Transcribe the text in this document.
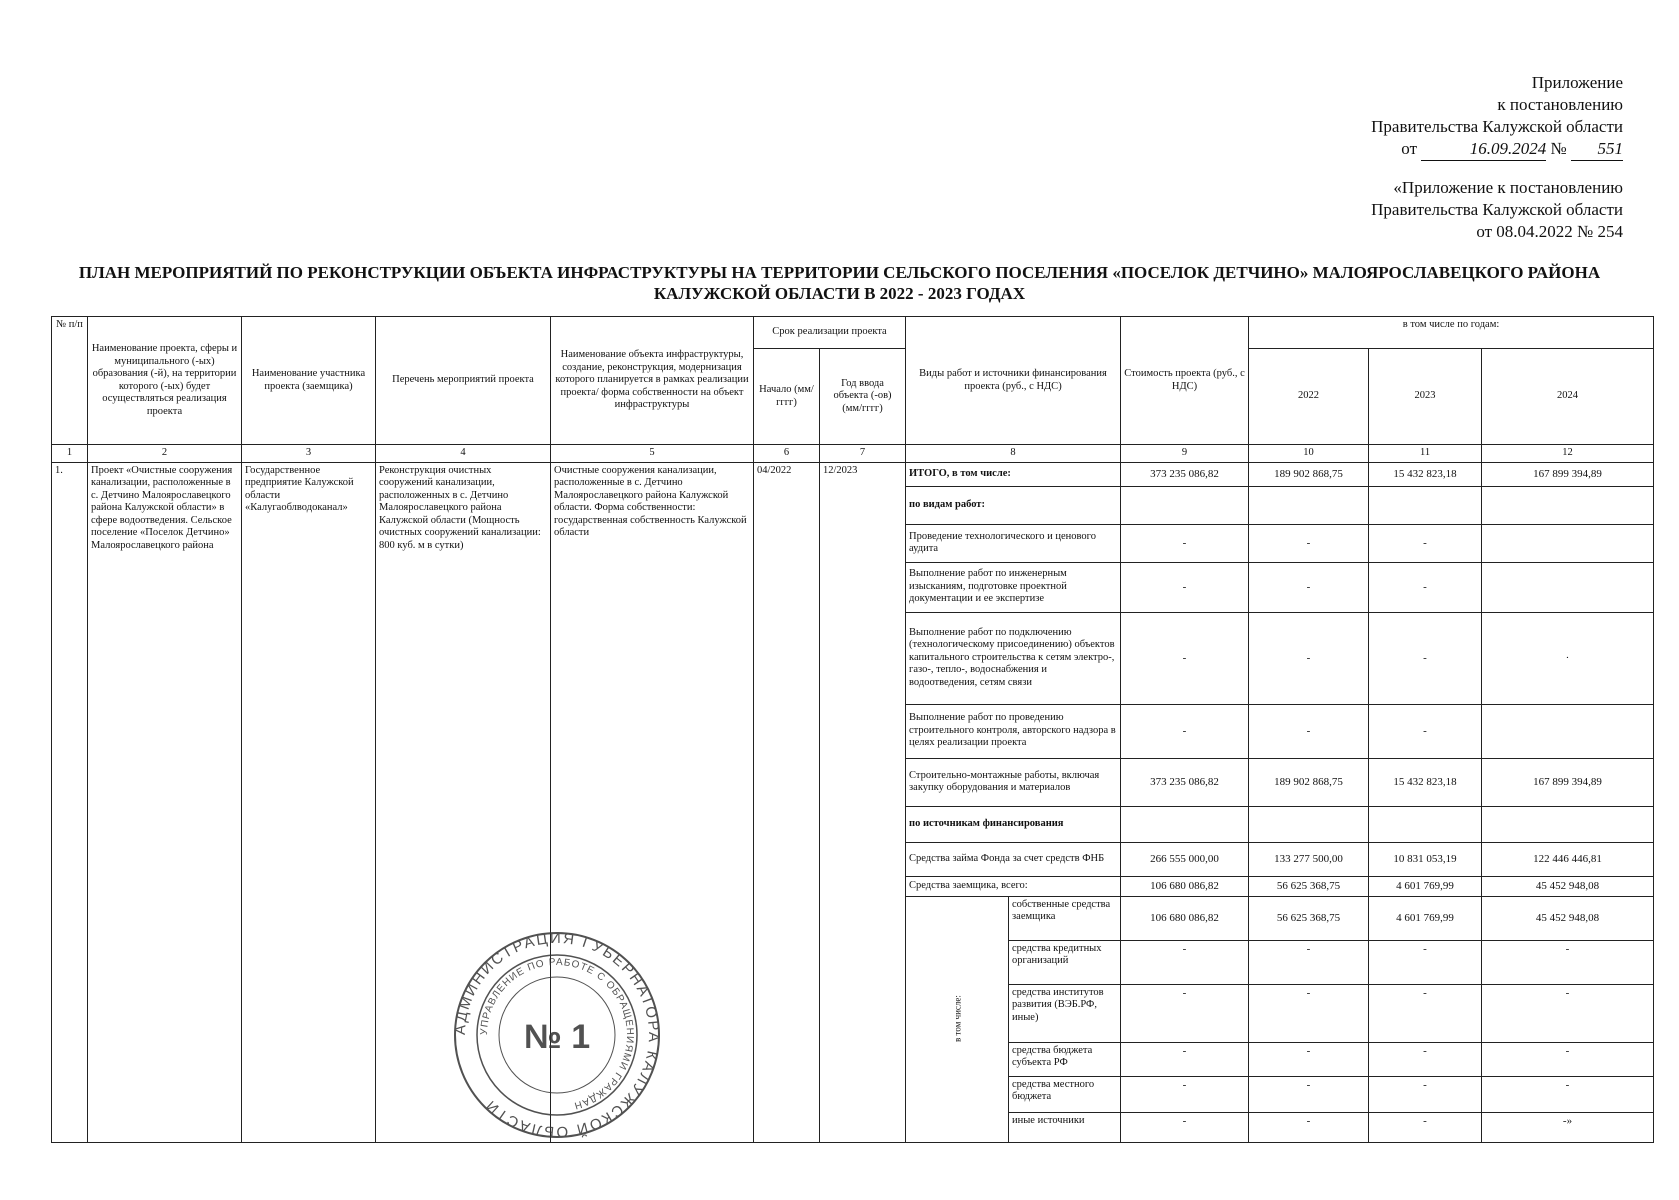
Приложение
к постановлению
Правительства Калужской области
от	16.09.2024 № 551
«Приложение к постановлению
Правительства Калужской области
от 08.04.2022 № 254
ПЛАН МЕРОПРИЯТИЙ ПО РЕКОНСТРУКЦИИ ОБЪЕКТА ИНФРАСТРУКТУРЫ НА ТЕРРИТОРИИ СЕЛЬСКОГО ПОСЕЛЕНИЯ «ПОСЕЛОК ДЕТЧИНО» МАЛОЯРОСЛАВЕЦКОГО РАЙОНА КАЛУЖСКОЙ ОБЛАСТИ В 2022 - 2023 ГОДАХ
№ п/п	Наименование проекта, сферы и муниципального (-ых) образования (-й), на территории которого (-ых) будет осуществляться реализация проекта	Наименование участника проекта (заемщика)	Перечень мероприятий проекта	Наименование объекта инфраструктуры, создание, реконструкция, модернизация которого планируется в рамках реализации проекта/ форма собственности на объект инфраструктуры	Срок реализации проекта		Виды работ и источники финансирования проекта (руб., с НДС)		Стоимость проекта (руб., с НДС)	в том числе по годам:		
					Начало (мм/гггг)	Год ввода объекта (-ов) (мм/гггг)				2022	2023	2024
1	2	3	4	5	6	7	8		9	10	11	12
1.	Проект «Очистные сооружения канализации, расположенные в с. Детчино Малоярославецкого района Калужской области» в сфере водоотведения. Сельское поселение «Поселок Детчино» Малоярославецкого района	Государственное предприятие Калужской области «Калугаоблводоканал»	Реконструкция очистных сооружений канализации, расположенных в с. Детчино Малоярославецкого района Калужской области (Мощность очистных сооружений канализации: 800 куб. м в сутки)	Очистные сооружения канализации, расположенные в с. Детчино Малоярославецкого района Калужской области. Форма собственности: государственная собственность Калужской области	04/2022	12/2023	ИТОГО, в том числе:		373 235 086,82	189 902 868,75	15 432 823,18	167 899 394,89
							по видам работ:					
							Проведение технологического и ценового аудита		-	-	-	
							Выполнение работ по инженерным изысканиям, подготовке проектной документации и ее экспертизе		-	-	-	
							Выполнение работ по подключению (технологическому присоединению) объектов капитального строительства к сетям электро-, газо-, тепло-, водоснабжения и водоотведения, сетям связи		-	-	-	·
							Выполнение работ по проведению строительного контроля, авторского надзора в целях реализации проекта		-	-	-	
							Строительно-монтажные работы, включая закупку оборудования и материалов		373 235 086,82	189 902 868,75	15 432 823,18	167 899 394,89
							по источникам финансирования					
							Средства займа Фонда за счет средств ФНБ		266 555 000,00	133 277 500,00	10 831 053,19	122 446 446,81
							Средства заемщика, всего:		106 680 086,82	56 625 368,75	4 601 769,99	45 452 948,08
							в том числе:	собственные средства заемщика	106 680 086,82	56 625 368,75	4 601 769,99	45 452 948,08
								средства кредитных организаций	-	-	-	-
								средства институтов развития (ВЭБ.РФ, иные)	-	-	-	-
								средства бюджета субъекта РФ	-	-	-	-
								средства местного бюджета	-	-	-	-
								иные источники	-	-	-	-»

АДМИНИСТРАЦИЯ ГУБЕРНАТОРА КАЛУЖСКОЙ ОБЛАСТИ
УПРАВЛЕНИЕ ПО РАБОТЕ С ОБРАЩЕНИЯМИ ГРАЖДАН
№ 1
